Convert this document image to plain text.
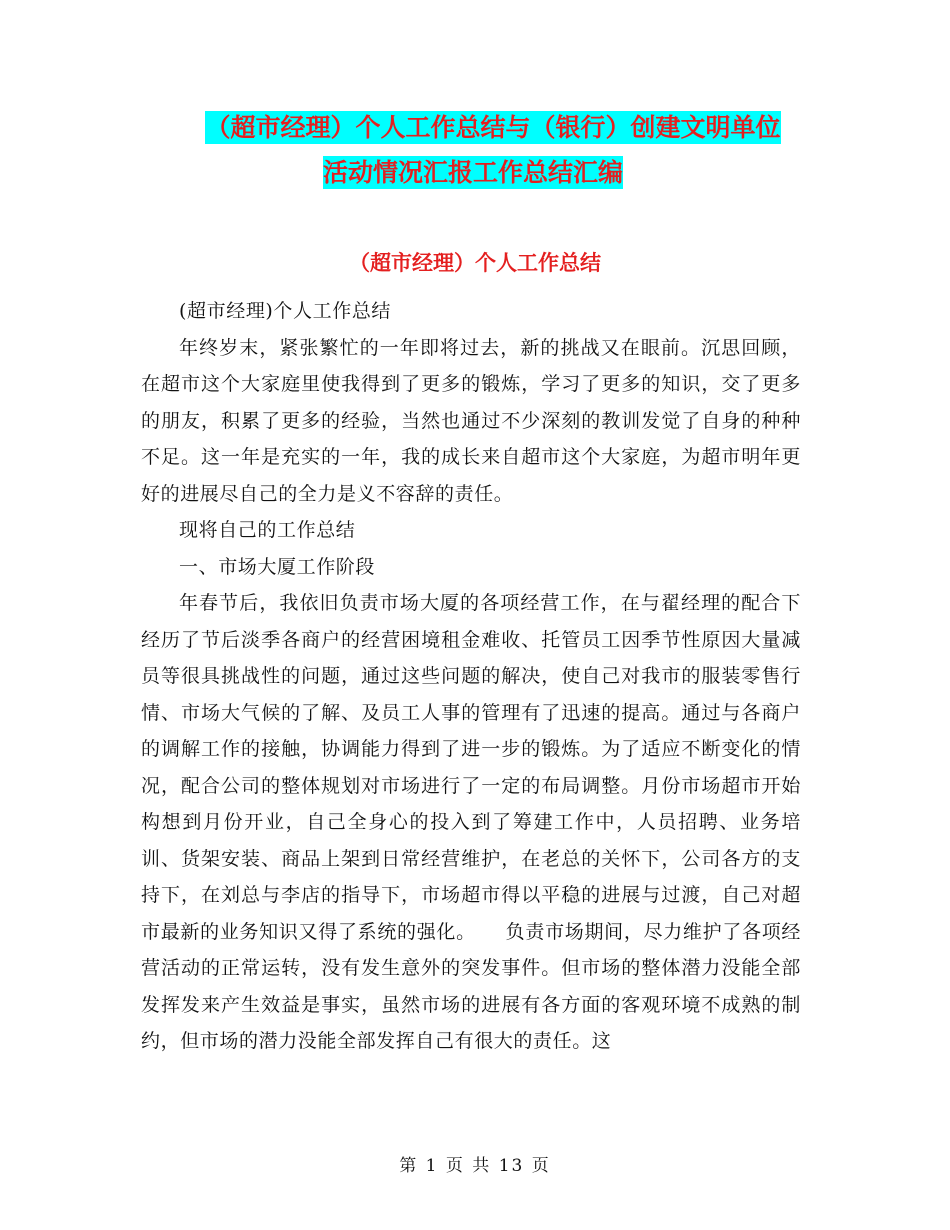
（超市经理）个人工作总结与（银行）创建文明单位
活动情况汇报工作总结汇编
（超市经理）个人工作总结

(超市经理)个人工作总结

年终岁末，紧张繁忙的一年即将过去，新的挑战又在眼前。沉思回顾，在超市这个大家庭里使我得到了更多的锻炼，学习了更多的知识，交了更多的朋友，积累了更多的经验，当然也通过不少深刻的教训发觉了自身的种种不足。这一年是充实的一年，我的成长来自超市这个大家庭，为超市明年更好的进展尽自己的全力是义不容辞的责任。

现将自己的工作总结

一、市场大厦工作阶段

年春节后，我依旧负责市场大厦的各项经营工作，在与翟经理的配合下经历了节后淡季各商户的经营困境租金难收、托管员工因季节性原因大量减员等很具挑战性的问题，通过这些问题的解决，使自己对我市的服装零售行情、市场大气候的了解、及员工人事的管理有了迅速的提高。通过与各商户的调解工作的接触，协调能力得到了进一步的锻炼。为了适应不断变化的情况，配合公司的整体规划对市场进行了一定的布局调整。月份市场超市开始构想到月份开业，自己全身心的投入到了筹建工作中，人员招聘、业务培训、货架安装、商品上架到日常经营维护，在老总的关怀下，公司各方的支持下，在刘总与李店的指导下，市场超市得以平稳的进展与过渡，自己对超市最新的业务知识又得了系统的强化。　　负责市场期间，尽力维护了各项经营活动的正常运转，没有发生意外的突发事件。但市场的整体潜力没能全部发挥发来产生效益是事实，虽然市场的进展有各方面的客观环境不成熟的制约，但市场的潜力没能全部发挥自己有很大的责任。这

第 1 页 共 13 页
